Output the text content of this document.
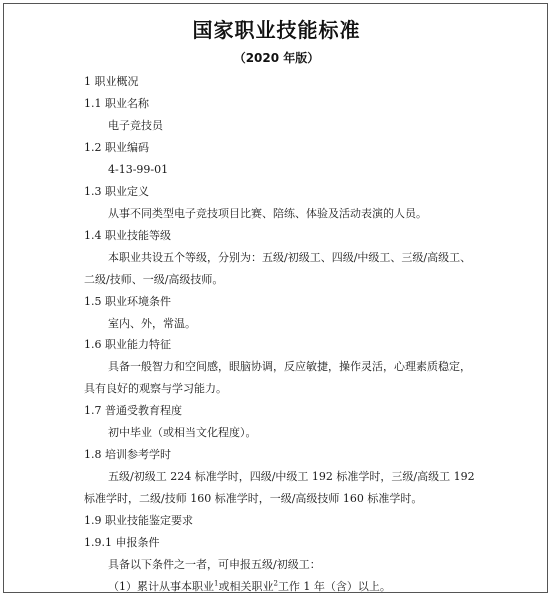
国家职业技能标准
（2020 年版）
1 职业概况
1.1 职业名称
电子竞技员
1.2 职业编码
4-13-99-01
1.3 职业定义
从事不同类型电子竞技项目比赛、陪练、体验及活动表演的人员。
1.4 职业技能等级
本职业共设五个等级，分别为：五级/初级工、四级/中级工、三级/高级工、
二级/技师、一级/高级技师。
1.5 职业环境条件
室内、外，常温。
1.6 职业能力特征
具备一般智力和空间感，眼脑协调，反应敏捷，操作灵活，心理素质稳定，
具有良好的观察与学习能力。
1.7 普通受教育程度
初中毕业（或相当文化程度）。
1.8 培训参考学时
五级/初级工 224 标准学时，四级/中级工 192 标准学时，三级/高级工 192
标准学时，二级/技师 160 标准学时，一级/高级技师 160 标准学时。
1.9 职业技能鉴定要求
1.9.1 申报条件
具备以下条件之一者，可申报五级/初级工：
（1）累计从事本职业$^1$或相关职业$^2$工作 1 年（含）以上。
